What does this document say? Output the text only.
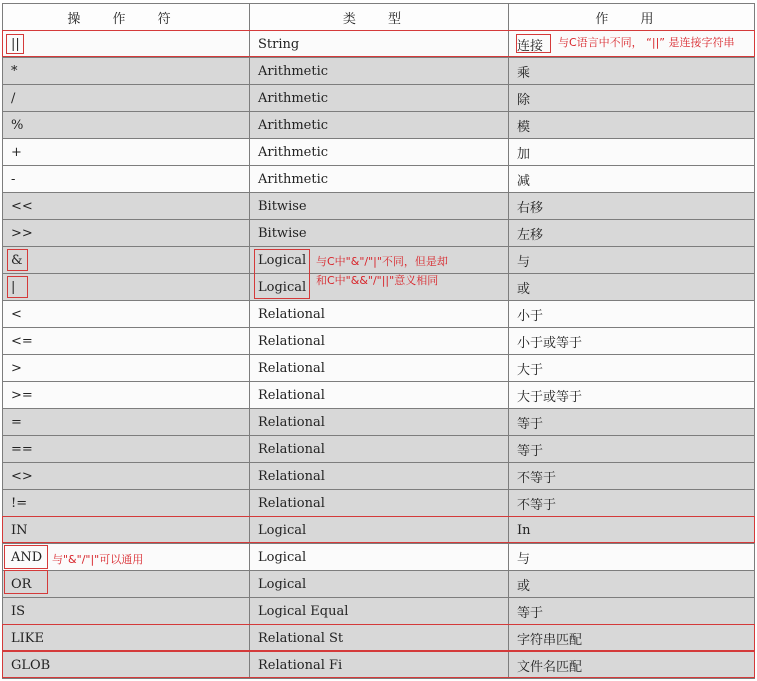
操 作 符	类 型	作 用
||	String	连接
*	Arithmetic	乘
/	Arithmetic	除
%	Arithmetic	模
+	Arithmetic	加
-	Arithmetic	减
<<	Bitwise	右移
>>	Bitwise	左移
&	Logical	与
|	Logical	或
<	Relational	小于
<=	Relational	小于或等于
>	Relational	大于
>=	Relational	大于或等于
=	Relational	等于
==	Relational	等于
<>	Relational	不等于
!=	Relational	不等于
IN	Logical	In
AND	Logical	与
OR	Logical	或
IS	Logical Equal	等于
LIKE	Relational St	字符串匹配
GLOB	Relational Fi	文件名匹配
与C语言中不同， “||” 是连接字符串
与C中"&"/"|"不同，但是却
和C中"&&"/"||"意义相同
与"&"/"|"可以通用
